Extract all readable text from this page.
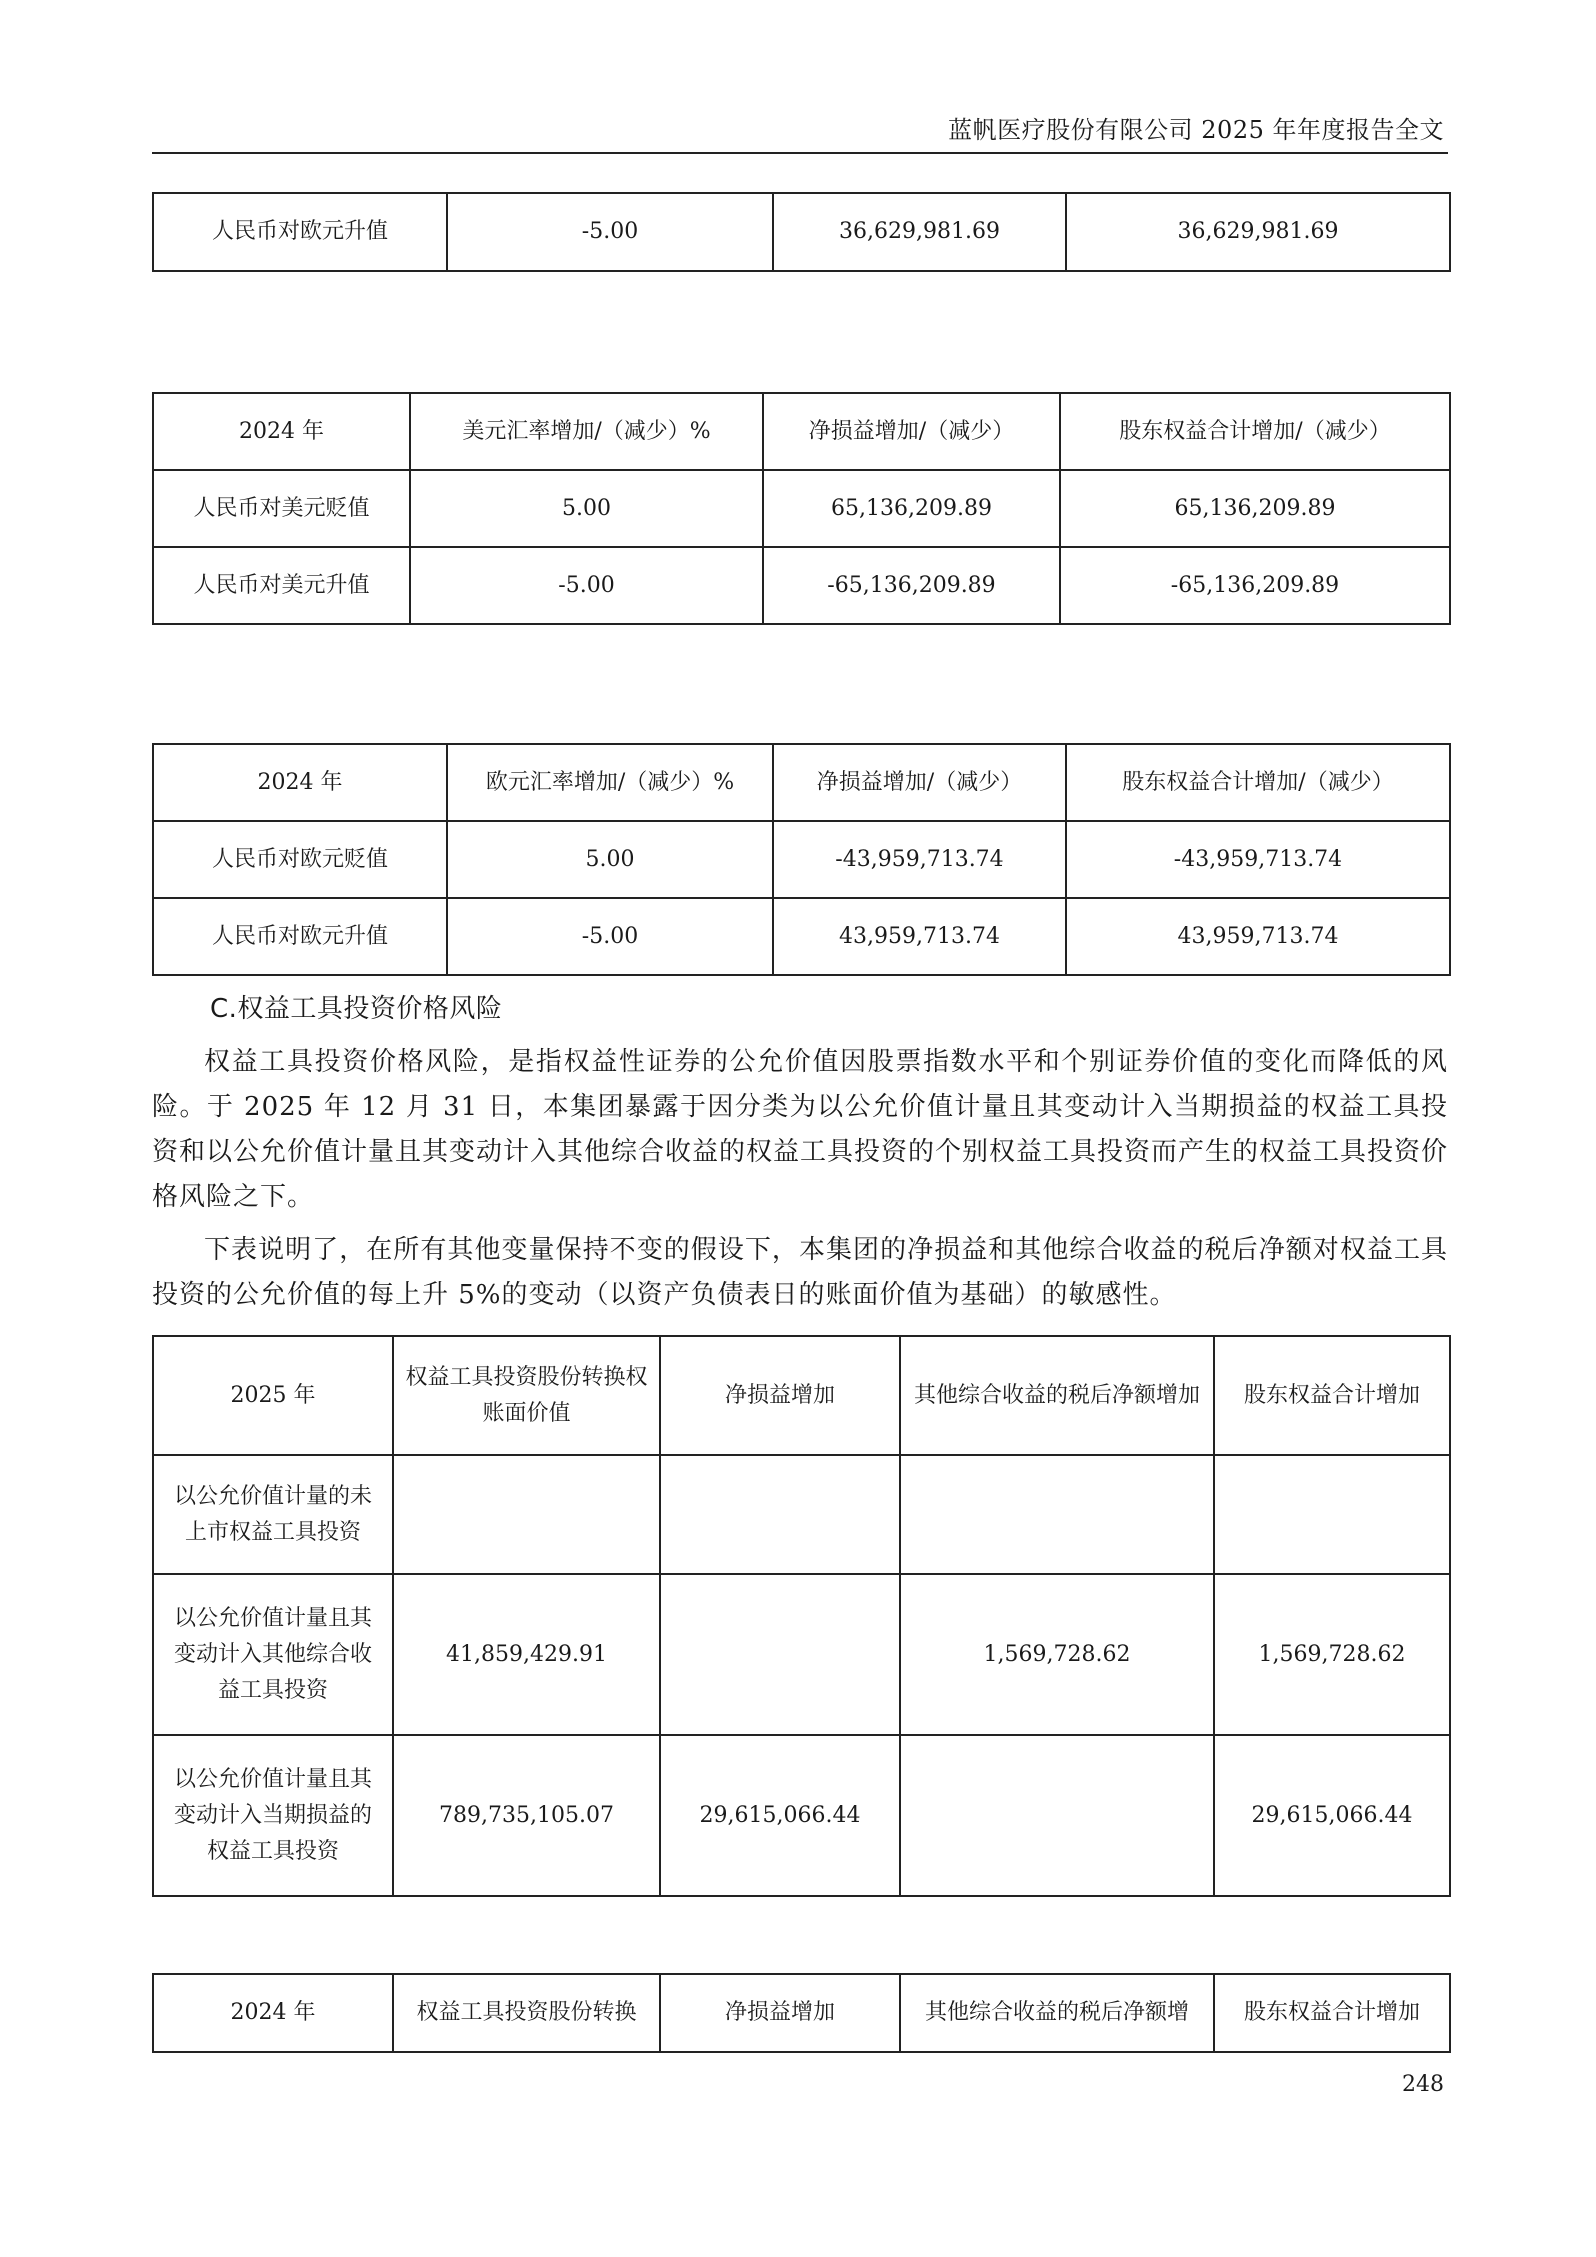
蓝帆医疗股份有限公司 2025 年年度报告全文
人民币对欧元升值	-5.00	36,629,981.69	36,629,981.69
2024 年	美元汇率增加/（减少）%	净损益增加/（减少）	股东权益合计增加/（减少）
人民币对美元贬值	5.00	65,136,209.89	65,136,209.89
人民币对美元升值	-5.00	-65,136,209.89	-65,136,209.89
2024 年	欧元汇率增加/（减少）%	净损益增加/（减少）	股东权益合计增加/（减少）
人民币对欧元贬值	5.00	-43,959,713.74	-43,959,713.74
人民币对欧元升值	-5.00	43,959,713.74	43,959,713.74
C.权益工具投资价格风险
权益工具投资价格风险，是指权益性证券的公允价值因股票指数水平和个别证券价值的变化而降低的风险。于 2025 年 12 月 31 日，本集团暴露于因分类为以公允价值计量且其变动计入当期损益的权益工具投资和以公允价值计量且其变动计入其他综合收益的权益工具投资的个别权益工具投资而产生的权益工具投资价格风险之下。
下表说明了，在所有其他变量保持不变的假设下，本集团的净损益和其他综合收益的税后净额对权益工具投资的公允价值的每上升 5%的变动（以资产负债表日的账面价值为基础）的敏感性。
2025 年	权益工具投资股份转换权账面价值	净损益增加	其他综合收益的税后净额增加	股东权益合计增加
以公允价值计量的未上市权益工具投资				
以公允价值计量且其变动计入其他综合收益工具投资	41,859,429.91		1,569,728.62	1,569,728.62
以公允价值计量且其变动计入当期损益的权益工具投资	789,735,105.07	29,615,066.44		29,615,066.44
2024 年	权益工具投资股份转换	净损益增加	其他综合收益的税后净额增	股东权益合计增加
248
